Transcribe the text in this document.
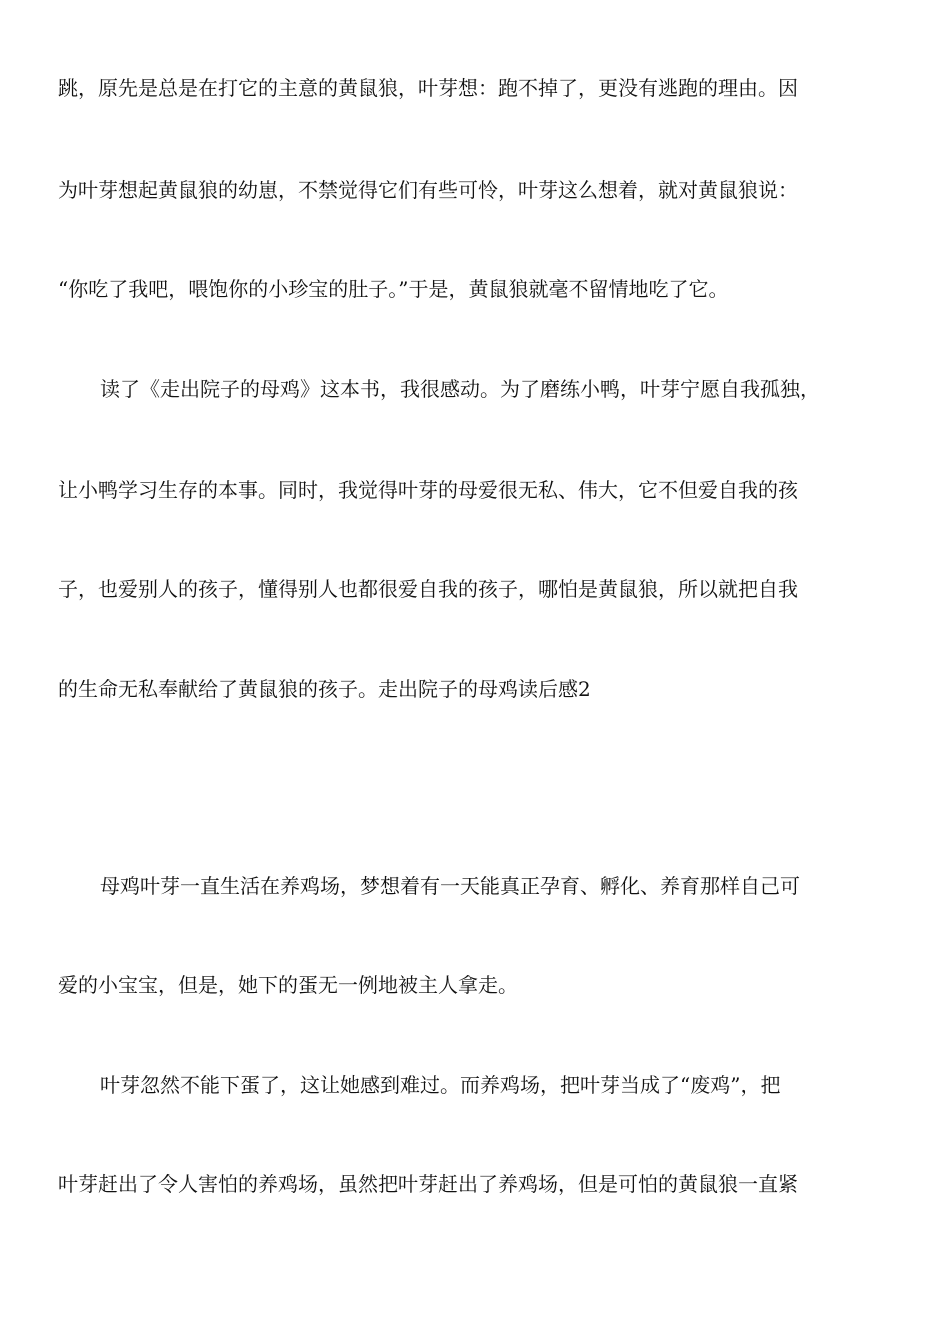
跳，原先是总是在打它的主意的黄鼠狼，叶芽想：跑不掉了，更没有逃跑的理由。因
为叶芽想起黄鼠狼的幼崽，不禁觉得它们有些可怜，叶芽这么想着，就对黄鼠狼说：
“你吃了我吧，喂饱你的小珍宝的肚子。”于是，黄鼠狼就毫不留情地吃了它。
读了《走出院子的母鸡》这本书，我很感动。为了磨练小鸭，叶芽宁愿自我孤独，
让小鸭学习生存的本事。同时，我觉得叶芽的母爱很无私、伟大，它不但爱自我的孩
子，也爱别人的孩子，懂得别人也都很爱自我的孩子，哪怕是黄鼠狼，所以就把自我
的生命无私奉献给了黄鼠狼的孩子。走出院子的母鸡读后感2
母鸡叶芽一直生活在养鸡场，梦想着有一天能真正孕育、孵化、养育那样自己可
爱的小宝宝，但是，她下的蛋无一例地被主人拿走。
叶芽忽然不能下蛋了，这让她感到难过。而养鸡场，把叶芽当成了“废鸡”，把
叶芽赶出了令人害怕的养鸡场，虽然把叶芽赶出了养鸡场，但是可怕的黄鼠狼一直紧
